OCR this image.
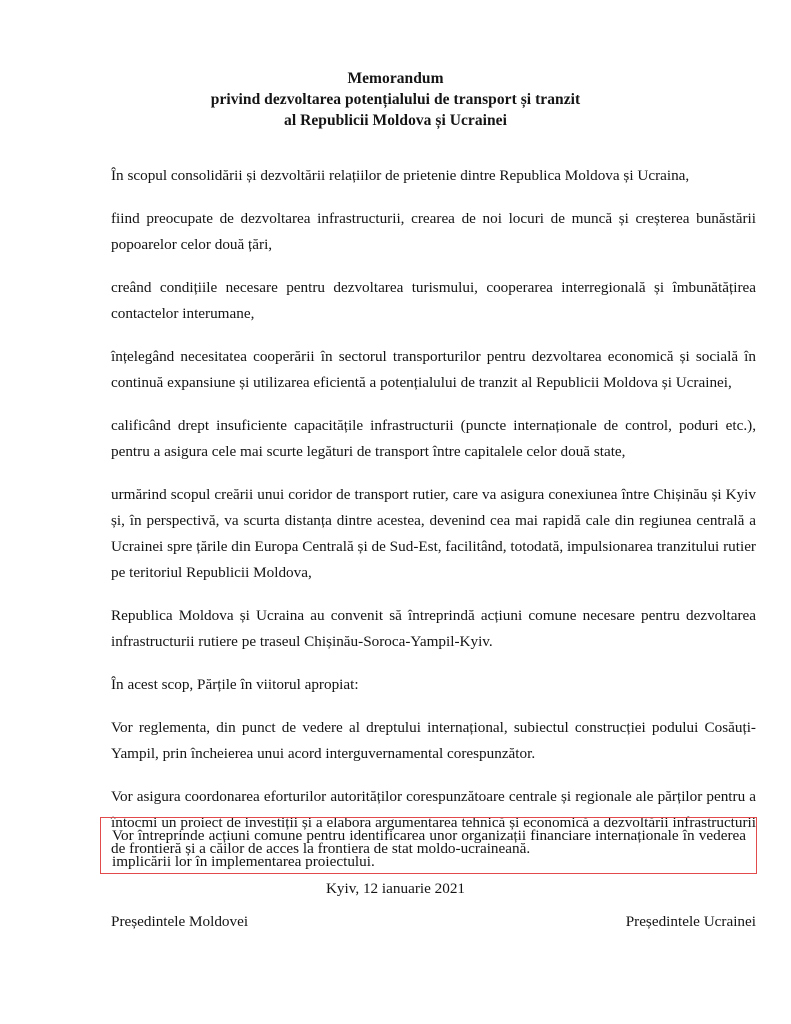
Memorandum
privind dezvoltarea potențialului de transport și tranzit
al Republicii Moldova și Ucrainei

În scopul consolidării și dezvoltării relațiilor de prietenie dintre Republica Moldova și Ucraina,

fiind preocupate de dezvoltarea infrastructurii, crearea de noi locuri de muncă și creșterea bunăstării popoarelor celor două țări,

creând condițiile necesare pentru dezvoltarea turismului, cooperarea interregională și îmbunătățirea contactelor interumane,

înțelegând necesitatea cooperării în sectorul transporturilor pentru dezvoltarea economică și socială în continuă expansiune și utilizarea eficientă a potențialului de tranzit al Republicii Moldova și Ucrainei,

calificând drept insuficiente capacitățile infrastructurii (puncte internaționale de control, poduri etc.), pentru a asigura cele mai scurte legături de transport între capitalele celor două state,

urmărind scopul creării unui coridor de transport rutier, care va asigura conexiunea între Chișinău și Kyiv și, în perspectivă, va scurta distanța dintre acestea, devenind cea mai rapidă cale din regiunea centrală a Ucrainei spre țările din Europa Centrală și de Sud-Est, facilitând, totodată, impulsionarea tranzitului rutier pe teritoriul Republicii Moldova,

Republica Moldova și Ucraina au convenit să întreprindă acțiuni comune necesare pentru dezvoltarea infrastructurii rutiere pe traseul Chișinău-Soroca-Yampil-Kyiv.

În acest scop, Părțile în viitorul apropiat:

Vor reglementa, din punct de vedere al dreptului internațional, subiectul construcției podului Cosăuți-Yampil, prin încheierea unui acord interguvernamental corespunzător.

Vor asigura coordonarea eforturilor autorităților corespunzătoare centrale și regionale ale părților pentru a întocmi un proiect de investiții și a elabora argumentarea tehnică și economică a dezvoltării infrastructurii de frontieră și a căilor de acces la frontiera de stat moldo-ucraineană.

Vor întreprinde acțiuni comune pentru identificarea unor organizații financiare internaționale în vederea implicării lor în implementarea proiectului.

Kyiv, 12 ianuarie 2021
Președintele Moldovei	Președintele Ucrainei
